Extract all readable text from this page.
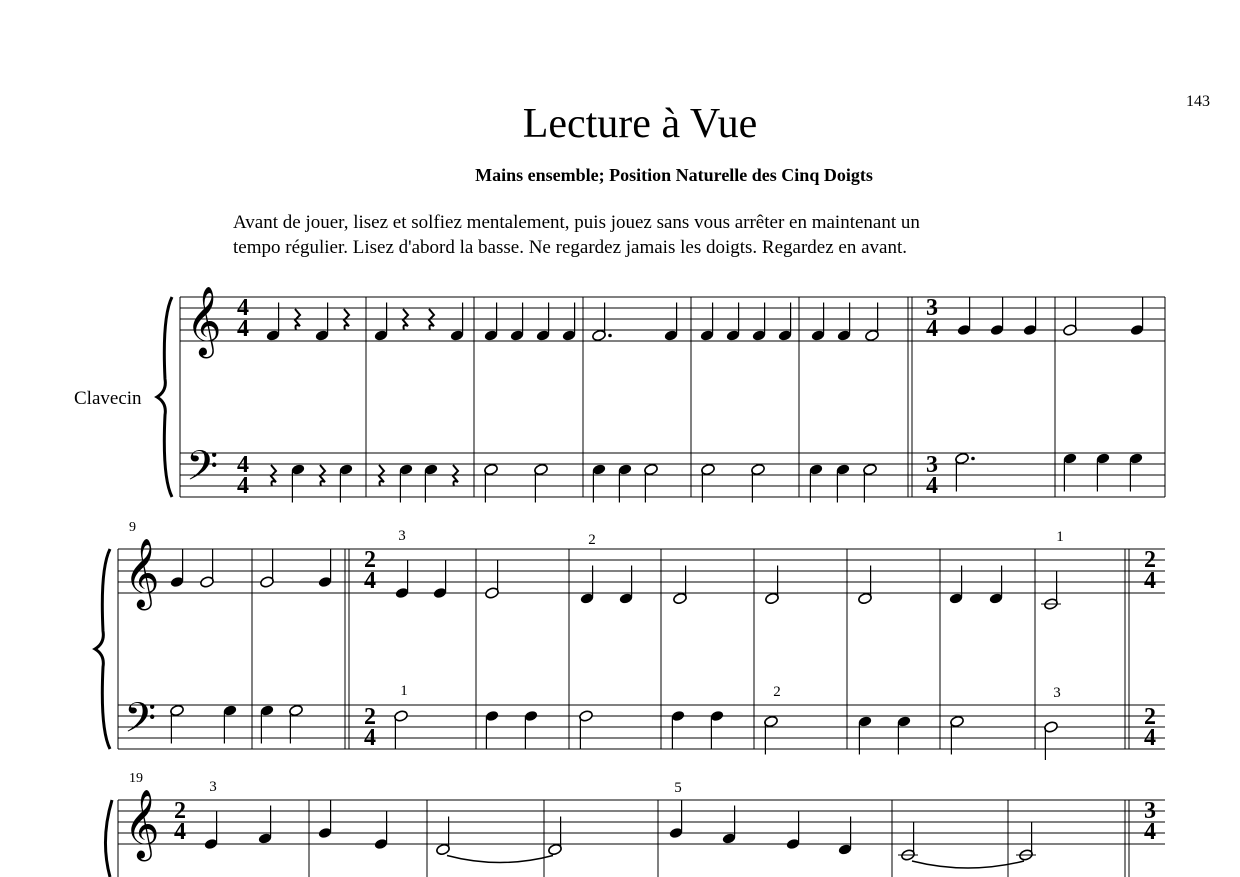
143
Lecture à Vue
Mains ensemble; Position Naturelle des Cinq Doigts
Avant de jouer, lisez et solfiez mentalement, puis jouez sans vous arrêter en maintenant un
tempo régulier. Lisez d'abord la basse. Ne regardez jamais les doigts. Regardez en avant.
𝄞
𝄢
𝄞
𝄢
𝄞
Clavecin
4
4
4
4
3
4
3
4
9
2
4
2
4
2
4
2
4
3	2	1
1	2	3
19
2
4
3
4
3	5
